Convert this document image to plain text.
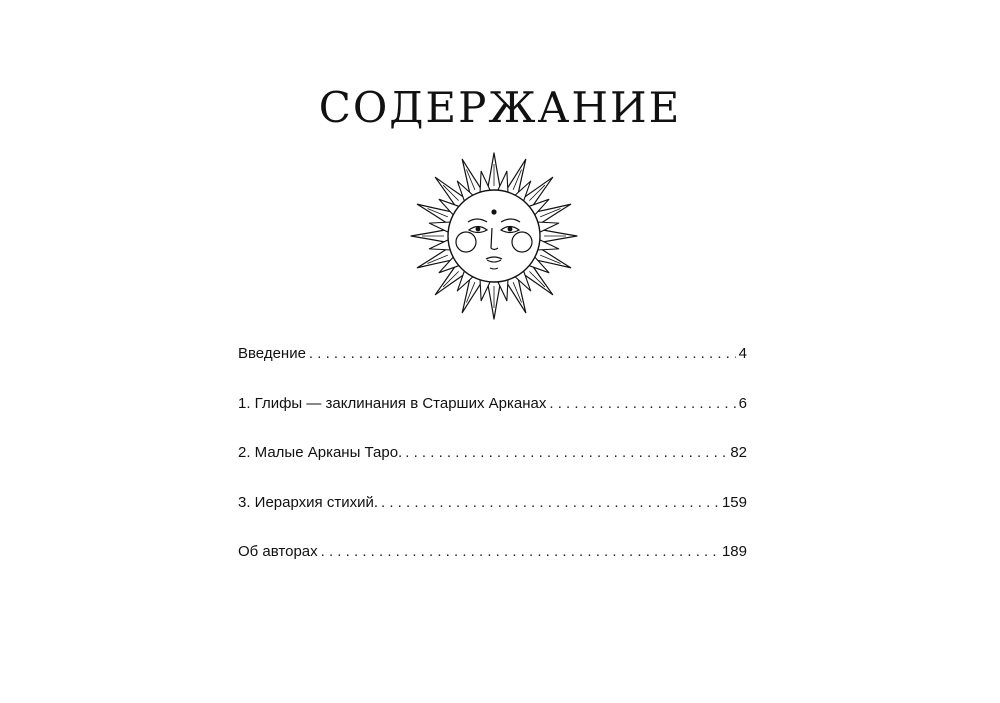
СОДЕРЖАНИЕ
Введение . . .	4
1. Глифы — заклинания в Старших Арканах . . .	6
2. Малые Арканы Таро. . . .	82
3. Иерархия стихий. . . .	159
Об авторах . . .	189
